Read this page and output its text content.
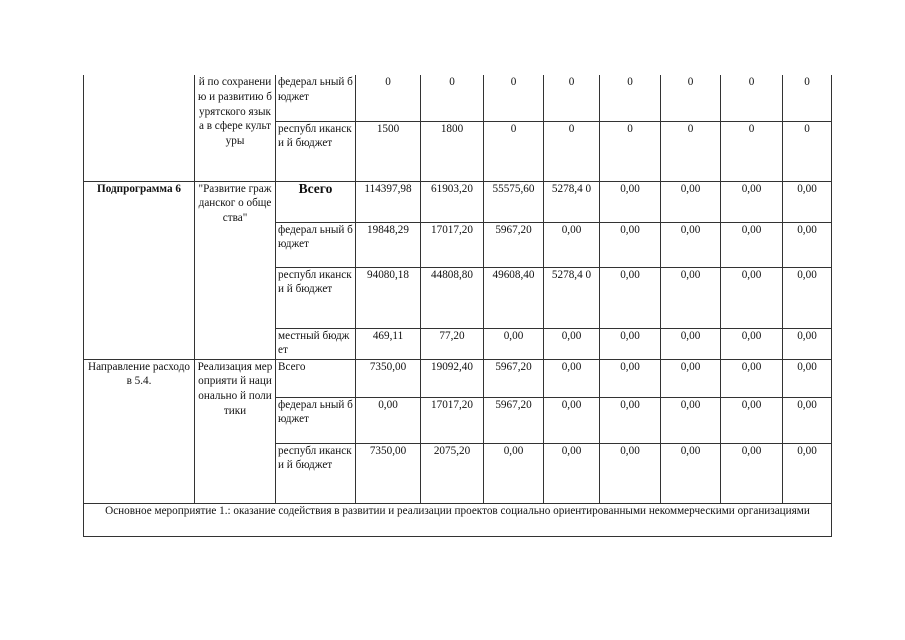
	й по сохранению и развитию бурятского языка в сфере культуры	федерал ьный бюджет	0	0	0	0	0	0	0	0
		республ икански й бюджет	1500	1800	0	0	0	0	0	0
Подпрограмма 6	"Развитие гражданског о общества"	Всего	114397,98	61903,20	55575,60	5278,4 0	0,00	0,00	0,00	0,00
		федерал ьный бюджет	19848,29	17017,20	5967,20	0,00	0,00	0,00	0,00	0,00
		республ икански й бюджет	94080,18	44808,80	49608,40	5278,4 0	0,00	0,00	0,00	0,00
		местный бюджет	469,11	77,20	0,00	0,00	0,00	0,00	0,00	0,00
Направление расходов 5.4.	Реализация мероприяти й национально й политики	Всего	7350,00	19092,40	5967,20	0,00	0,00	0,00	0,00	0,00
		федерал ьный бюджет	0,00	17017,20	5967,20	0,00	0,00	0,00	0,00	0,00
		республ икански й бюджет	7350,00	2075,20	0,00	0,00	0,00	0,00	0,00	0,00
Основное мероприятие 1.: оказание содействия в развитии и реализации проектов социально ориентированными некоммерческими организациями										
